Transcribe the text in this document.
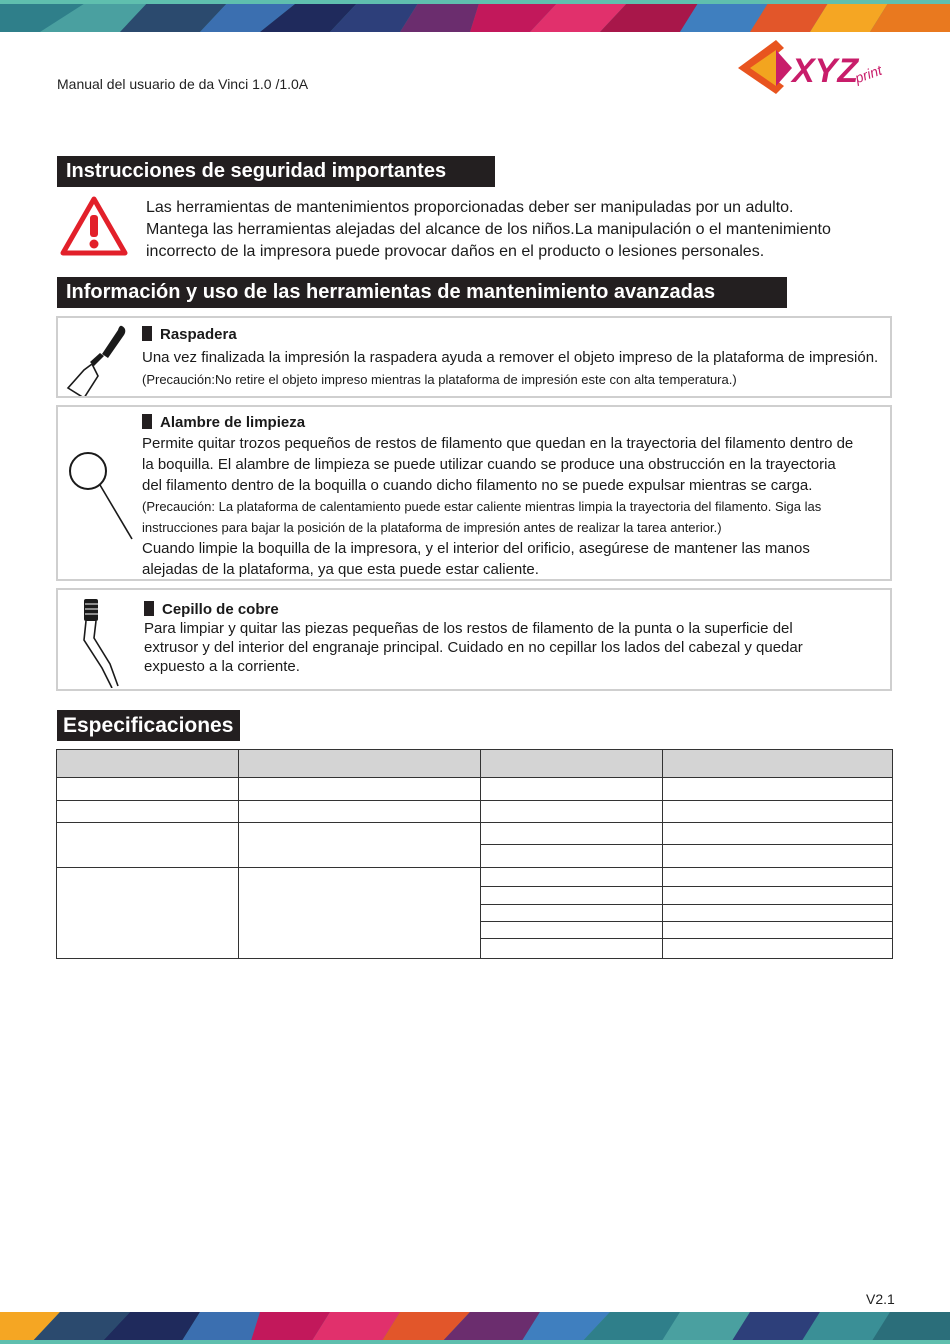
Manual del usuario de da Vinci 1.0 /1.0A	XYZ
print
Instrucciones de seguridad importantes
Las herramientas de mantenimientos proporcionadas deber ser manipuladas por un adulto.
Mantega las herramientas alejadas del alcance de los niños.La manipulación o el mantenimiento
incorrecto de la impresora puede provocar daños en el producto o lesiones personales.
Información y uso de las herramientas de mantenimiento avanzadas
Raspadera
Una vez finalizada la impresión la raspadera ayuda a remover el objeto impreso de la plataforma de impresión.
(Precaución:No retire el objeto impreso mientras la plataforma de impresión este con alta temperatura.)
Alambre de limpieza
Permite quitar trozos pequeños de restos de filamento que quedan en la trayectoria del filamento dentro de
la boquilla. El alambre de limpieza se puede utilizar cuando se produce una obstrucción en la trayectoria
del filamento dentro de la boquilla o cuando dicho filamento no se puede expulsar mientras se carga.
(Precaución: La plataforma de calentamiento puede estar caliente mientras limpia la trayectoria del filamento. Siga las
instrucciones para bajar la posición de la plataforma de impresión antes de realizar la tarea anterior.)
Cuando limpie la boquilla de la impresora, y el interior del orificio, asegúrese de mantener las manos
alejadas de la plataforma, ya que esta puede estar caliente.
Cepillo de cobre
Para limpiar y quitar las piezas pequeñas de los restos de filamento de la punta o la superficie del
extrusor y del interior del engranaje principal. Cuidado en no cepillar los lados del cabezal y quedar
expuesto a la corriente.
Especificaciones
V2.1
